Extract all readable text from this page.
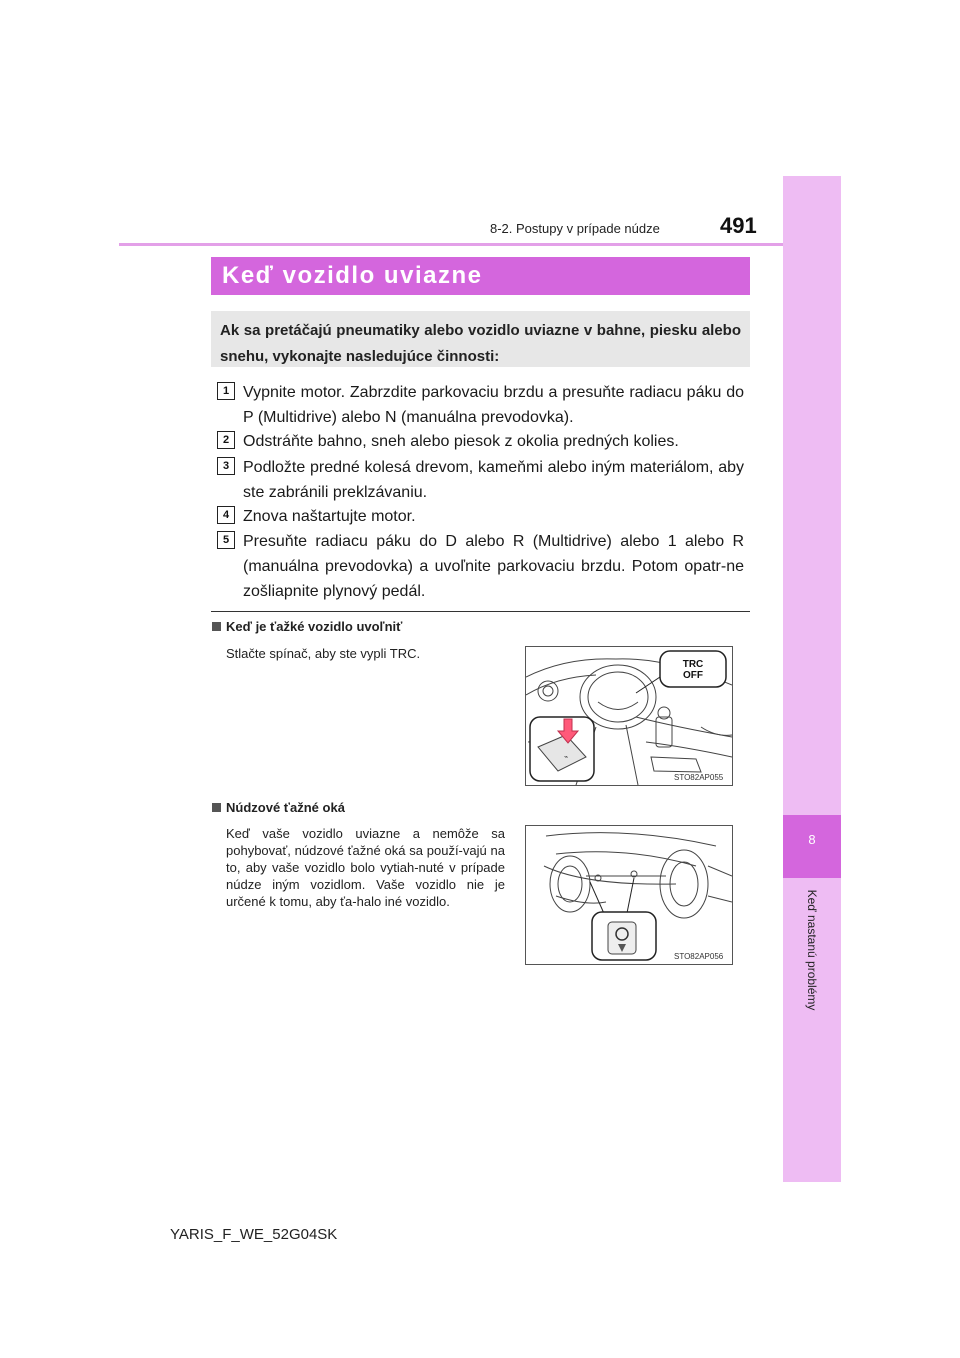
8
Keď nastanú problémy
8-2. Postupy v prípade núdze	491
Keď vozidlo uviazne
Ak sa pretáčajú pneumatiky alebo vozidlo uviazne v bahne, piesku alebo snehu, vykonajte nasledujúce činnosti:
1 Vypnite motor. Zabrzdite parkovaciu brzdu a presuňte radiacu páku do P (Multidrive) alebo N (manuálna prevodovka).
2 Odstráňte bahno, sneh alebo piesok z okolia predných kolies.
3 Podložte predné kolesá drevom, kameňmi alebo iným materiálom, aby ste zabránili preklzávaniu.
4 Znova naštartujte motor.
5 Presuňte radiacu páku do D alebo R (Multidrive) alebo 1 alebo R (manuálna prevodovka) a uvoľnite parkovaciu brzdu. Potom opatr-ne zošliapnite plynový pedál.
Keď je ťažké vozidlo uvoľniť
Stlačte spínač, aby ste vypli TRC.
TRC
OFF
⌁
STO82AP055
Núdzové ťažné oká
Keď vaše vozidlo uviazne a nemôže sa pohybovať, núdzové ťažné oká sa použí-vajú na to, aby vaše vozidlo bolo vytiah-nuté v prípade núdze iným vozidlom. Vaše vozidlo nie je určené k tomu, aby ťa-halo iné vozidlo.
STO82AP056
YARIS_F_WE_52G04SK
